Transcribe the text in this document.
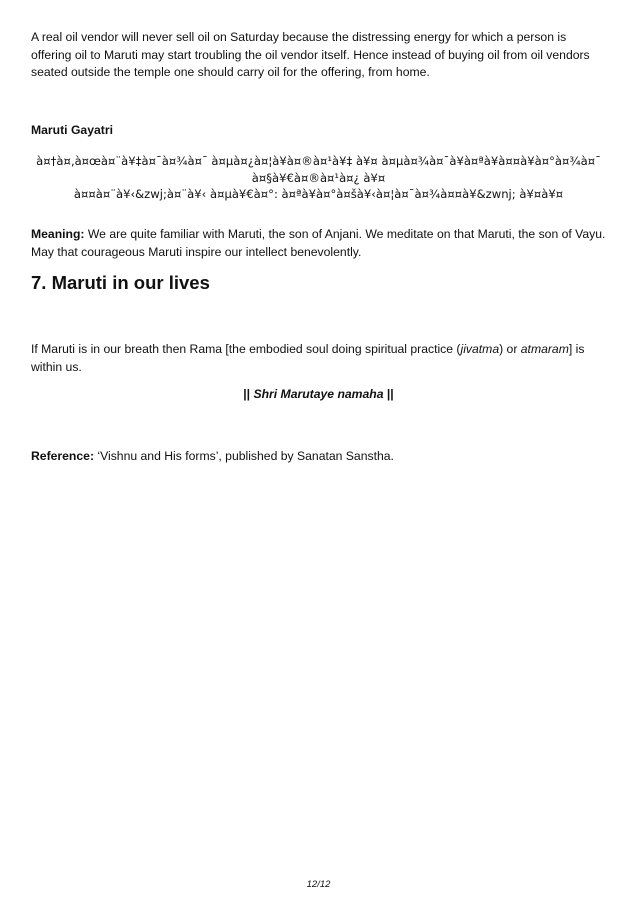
A real oil vendor will never sell oil on Saturday because the distressing energy for which a person is offering oil to Maruti may start troubling the oil vendor itself. Hence instead of buying oil from oil vendors seated outside the temple one should carry oil for the offering, from home.

Maruti Gayatri

à¤†à¤‚à¤œà¤¨à¥‡à¤¯à¤¾à¤¯ à¤µà¤¿à¤¦à¥à¤®à¤¹à¥‡ à¥¤ à¤µà¤¾à¤¯à¥à¤ªà¥à¤¤à¥à¤°à¤¾à¤¯
à¤§à¥€à¤®à¤¹à¤¿ à¥¤
à¤¤à¤¨à¥‹&zwj;à¤¨à¥‹ à¤µà¥€à¤°: à¤ªà¥à¤°à¤šà¥‹à¤¦à¤¯à¤¾à¤¤à¥&zwnj; à¥¤à¥¤

Meaning: We are quite familiar with Maruti, the son of Anjani. We meditate on that Maruti, the son of Vayu. May that courageous Maruti inspire our intellect benevolently.

7. Maruti in our lives

If Maruti is in our breath then Rama [the embodied soul doing spiritual practice (jivatma) or atmaram] is within us.

|| Shri Marutaye namaha ||

Reference: ‘Vishnu and His forms’, published by Sanatan Sanstha.

12/12
